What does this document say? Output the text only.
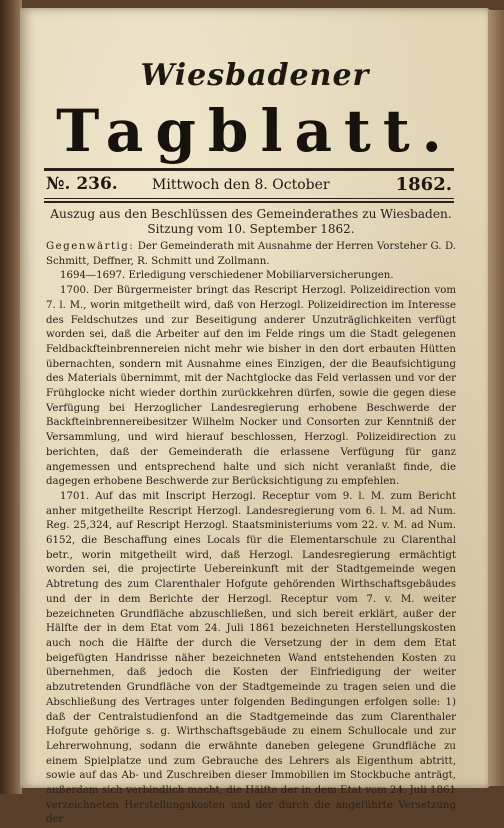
Wiesbadener
Tagblatt.
№. 236. Mittwoch den 8. October	1862.

Auszug aus den Beschlüssen des Gemeinderathes zu Wiesbaden.

Sitzung vom 10. September 1862.

Gegenwärtig: Der Gemeinderath mit Ausnahme der Herren Vorsteher G. D. Schmitt, Deffner, R. Schmitt und Zollmann.

1694—1697. Erledigung verschiedener Mobiliarversicherungen.

1700. Der Bürgermeister bringt das Rescript Herzogl. Polizeidirection vom 7. l. M., worin mitgetheilt wird, daß von Herzogl. Polizeidirection im Interesse des Feldschutzes und zur Beseitigung anderer Unzuträglichkeiten verfügt worden sei, daß die Arbeiter auf den im Felde rings um die Stadt gelegenen Feldbackfteinbrennereien nicht mehr wie bisher in den dort erbauten Hütten übernachten, sondern mit Ausnahme eines Einzigen, der die Beaufsichtigung des Materials übernimmt, mit der Nachtglocke das Feld verlassen und vor der Frühglocke nicht wieder dorthin zurückkehren dürfen, sowie die gegen diese Verfügung bei Herzoglicher Landesregierung erhobene Beschwerde der Backfteinbrennereibesitzer Wilhelm Nocker und Consorten zur Kenntniß der Versammlung, und wird hierauf beschlossen, Herzogl. Polizeidirection zu berichten, daß der Gemeinderath die erlassene Verfügung für ganz angemessen und entsprechend halte und sich nicht veranlaßt finde, die dagegen erhobene Beschwerde zur Berücksichtigung zu empfehlen.

1701. Auf das mit Inscript Herzogl. Receptur vom 9. l. M. zum Bericht anher mitgetheilte Rescript Herzogl. Landesregierung vom 6. l. M. ad Num. Reg. 25,324, auf Rescript Herzogl. Staatsministeriums vom 22. v. M. ad Num. 6152, die Beschaffung eines Locals für die Elementarschule zu Clarenthal betr., worin mitgetheilt wird, daß Herzogl. Landesregierung ermächtigt worden sei, die projectirte Uebereinkunft mit der Stadtgemeinde wegen Abtretung des zum Clarenthaler Hofgute gehörenden Wirthschaftsgebäudes und der in dem Berichte der Herzogl. Receptur vom 7. v. M. weiter bezeichneten Grundfläche abzuschließen, und sich bereit erklärt, außer der Hälfte der in dem Etat vom 24. Juli 1861 bezeichneten Herstellungskosten auch noch die Hälfte der durch die Versetzung der in dem dem Etat beigefügten Handrisse näher bezeichneten Wand entstehenden Kosten zu übernehmen, daß jedoch die Kosten der Einfriedigung der weiter abzutretenden Grundfläche von der Stadtgemeinde zu tragen seien und die Abschließung des Vertrages unter folgenden Bedingungen erfolgen solle: 1) daß der Centralstudienfond an die Stadtgemeinde das zum Clarenthaler Hofgute gehörige s. g. Wirthschaftsgebäude zu einem Schullocale und zur Lehrerwohnung, sodann die erwähnte daneben gelegene Grundfläche zu einem Spielplatze und zum Gebrauche des Lehrers als Eigenthum abtritt, sowie auf das Ab- und Zuschreiben dieser Immobilien im Stockbuche anträgt, außerdem sich verbindlich macht, die Hälfte der in dem Etat vom 24. Juli 1861 verzeichneten Herstellungskosten und der durch die angeführte Versetzung der
